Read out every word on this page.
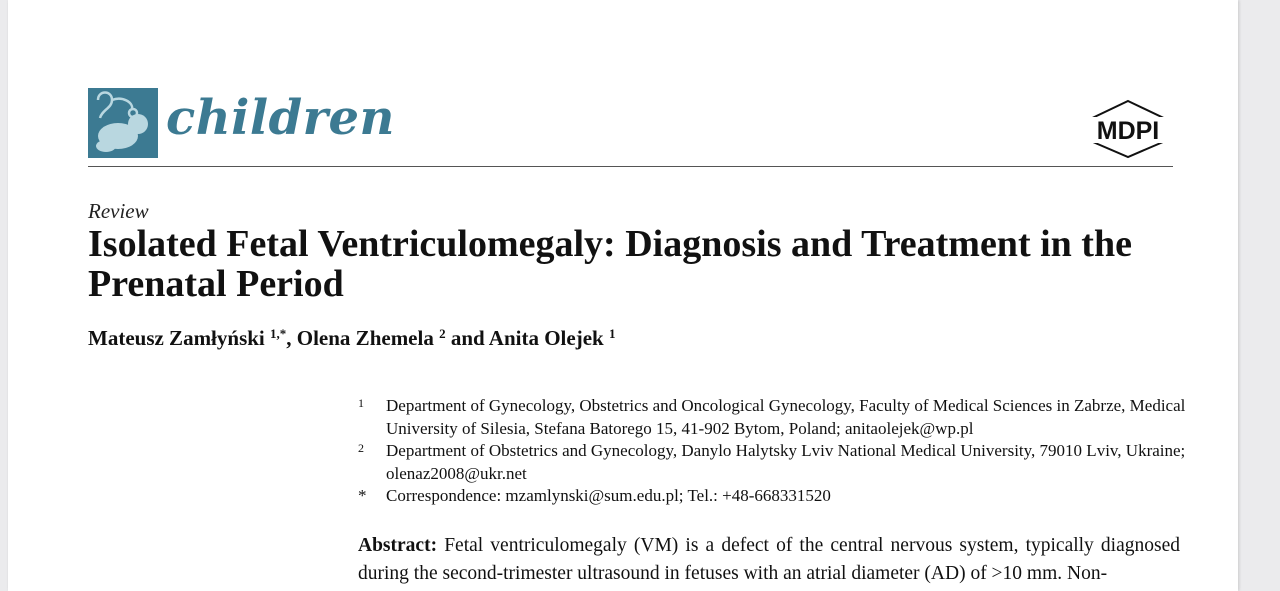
children	MDPI
Review
Isolated Fetal Ventriculomegaly: Diagnosis and Treatment in the Prenatal Period
Mateusz Zamłyński $^{1,*}$, Olena Zhemela $^2$ and Anita Olejek $^1$
1	Department of Gynecology, Obstetrics and Oncological Gynecology, Faculty of Medical Sciences in Zabrze, Medical University of Silesia, Stefana Batorego 15, 41-902 Bytom, Poland; anitaolejek@wp.pl
2	Department of Obstetrics and Gynecology, Danylo Halytsky Lviv National Medical University, 79010 Lviv, Ukraine; olenaz2008@ukr.net
*	Correspondence: mzamlynski@sum.edu.pl; Tel.: +48-668331520
Abstract: Fetal ventriculomegaly (VM) is a defect of the central nervous system, typically diagnosed during the second-trimester ultrasound in fetuses with an atrial diameter (AD) of >10 mm. Non-
